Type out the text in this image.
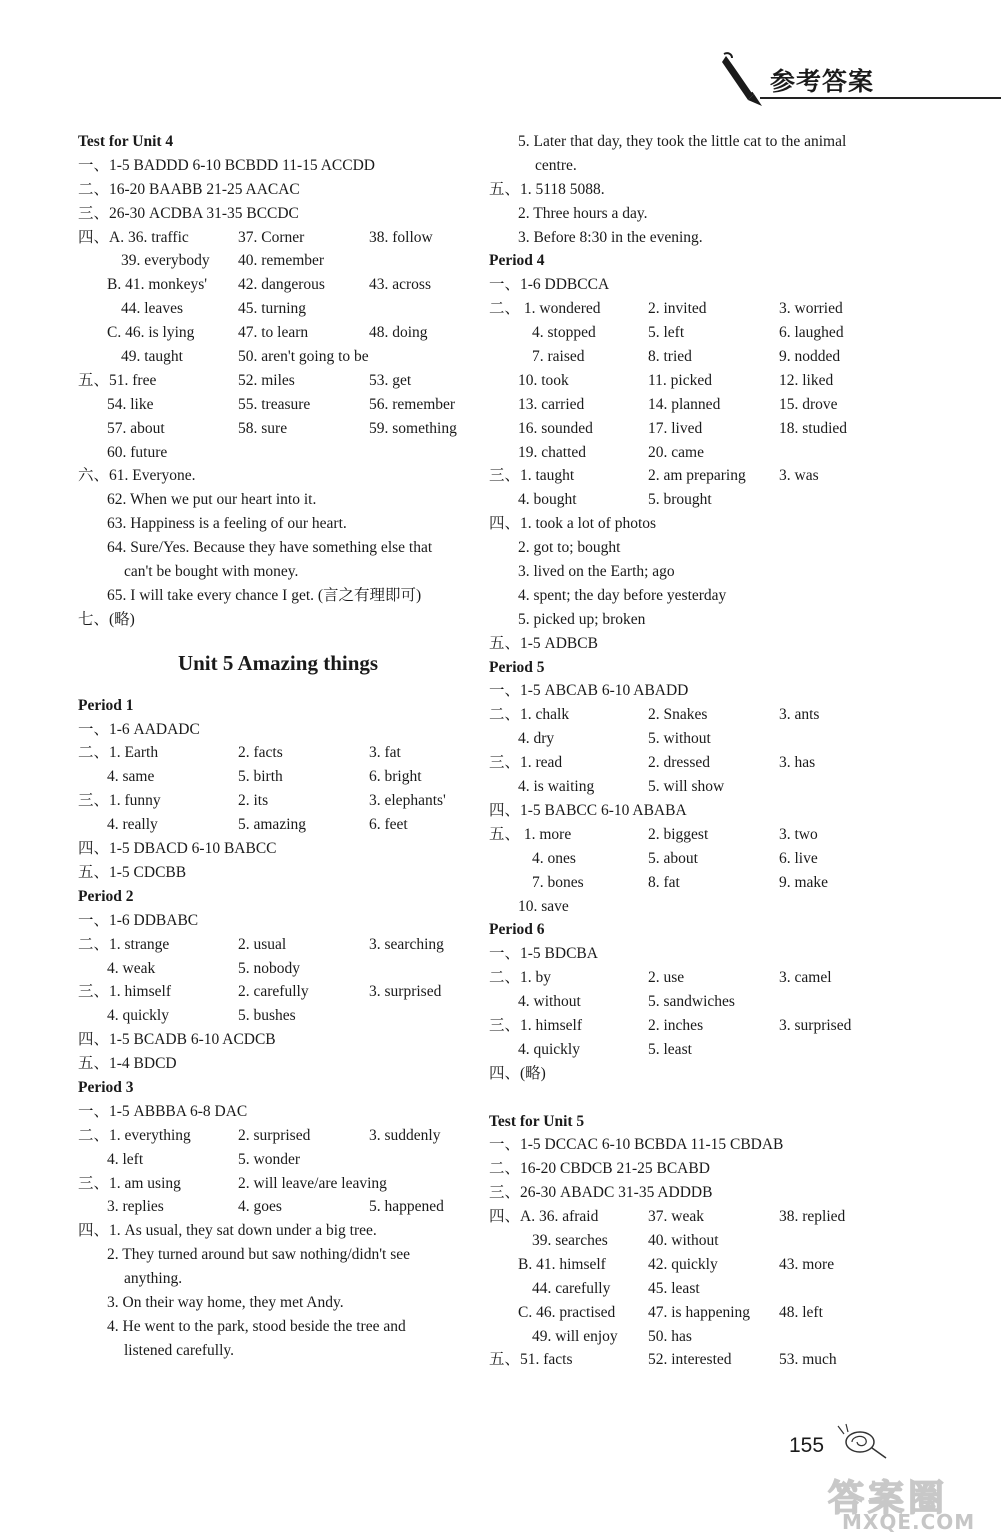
参考答案
Test for Unit 4
一、1-5 BADDD 6-10 BCBDD 11-15 ACCDD
二、16-20 BAABB 21-25 AACAC
三、26-30 ACDBA 31-35 BCCDC
四、A. 36. traffic	37. Corner	38. follow
39. everybody 40. remember
B. 41. monkeys' 42. dangerous	43. across
44. leaves	45. turning
C. 46. is lying	47. to learn	48. doing
49. taught	50. aren't going to be
五、51. free	52. miles	53. get
54. like	55. treasure	56. remember
57. about	58. sure	59. something
60. future
六、61. Everyone.
62. When we put our heart into it.
63. Happiness is a feeling of our heart.
64. Sure/Yes. Because they have something else that
can't be bought with money.
65. I will take every chance I get. (言之有理即可)
七、(略)
Unit 5 Amazing things
Period 1
一、1-6 AADADC
二、1. Earth	2. facts	3. fat
4. same	5. birth	6. bright
三、1. funny	2. its	3. elephants'
4. really	5. amazing	6. feet
四、1-5 DBACD 6-10 BABCC
五、1-5 CDCBB
Period 2
一、1-6 DDBABC
二、1. strange	2. usual	3. searching
4. weak	5. nobody
三、1. himself	2. carefully	3. surprised
4. quickly	5. bushes
四、1-5 BCADB 6-10 ACDCB
五、1-4 BDCD
Period 3
一、1-5 ABBBA 6-8 DAC
二、1. everything	2. surprised	3. suddenly
4. left	5. wonder
三、1. am using	2. will leave/are leaving
3. replies	4. goes	5. happened
四、1. As usual, they sat down under a big tree.
2. They turned around but saw nothing/didn't see
anything.
3. On their way home, they met Andy.
4. He went to the park, stood beside the tree and
listened carefully.
5. Later that day, they took the little cat to the animal
centre.
五、1. 5118 5088.
2. Three hours a day.
3. Before 8:30 in the evening.
Period 4
一、1-6 DDBCCA
二、 1. wondered	2. invited	3. worried
4. stopped	5. left	6. laughed
7. raised	8. tried	9. nodded
10. took	11. picked	12. liked
13. carried	14. planned	15. drove
16. sounded	17. lived	18. studied
19. chatted	20. came
三、1. taught	2. am preparing 3. was
4. bought	5. brought
四、1. took a lot of photos
2. got to; bought
3. lived on the Earth; ago
4. spent; the day before yesterday
5. picked up; broken
五、1-5 ADBCB
Period 5
一、1-5 ABCAB 6-10 ABADD
二、1. chalk	2. Snakes	3. ants
4. dry	5. without
三、1. read	2. dressed	3. has
4. is waiting	5. will show
四、1-5 BABCC 6-10 ABABA
五、 1. more	2. biggest	3. two
4. ones	5. about	6. live
7. bones	8. fat	9. make
10. save
Period 6
一、1-5 BDCBA
二、1. by	2. use	3. camel
4. without	5. sandwiches
三、1. himself	2. inches	3. surprised
4. quickly	5. least
四、(略)
Test for Unit 5
一、1-5 DCCAC 6-10 BCBDA 11-15 CBDAB
二、16-20 CBDCB 21-25 BCABD
三、26-30 ABADC 31-35 ADDDB
四、A. 36. afraid	37. weak	38. replied
39. searches	40. without
B. 41. himself	42. quickly	43. more
44. carefully 45. least
C. 46. practised 47. is happening 48. left
49. will enjoy 50. has
五、51. facts	52. interested	53. much
155
答案圈
MXQE.COM
